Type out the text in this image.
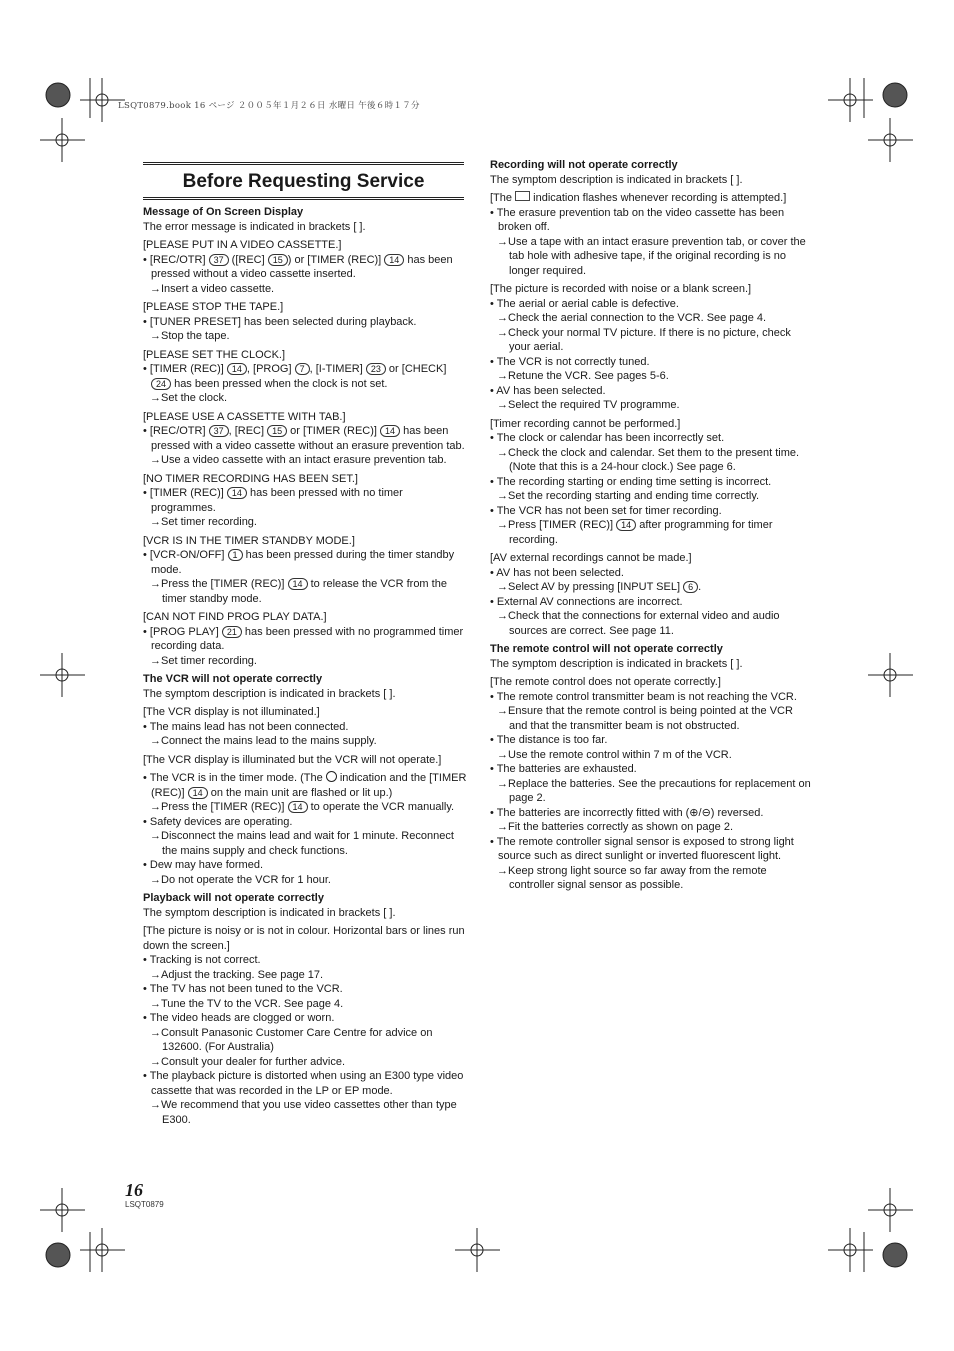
LSQT0879.book 16 ページ ２００５年１月２６日 水曜日 午後６時１７分
Before Requesting Service

Message of On Screen Display

The error message is indicated in brackets [ ].

[PLEASE PUT IN A VIDEO CASSETTE.]

• [REC/OTR] 37 ([REC] 15 ) or [TIMER (REC)] 14 has been pressed without a video cassette inserted.

→Insert a video cassette.

[PLEASE STOP THE TAPE.]

• [TUNER PRESET] has been selected during playback.

→Stop the tape.

[PLEASE SET THE CLOCK.]

• [TIMER (REC)] 14 , [PROG] 7 , [I-TIMER] 23 or [CHECK] 24 has been pressed when the clock is not set.

→Set the clock.

[PLEASE USE A CASSETTE WITH TAB.]

• [REC/OTR] 37 , [REC] 15 or [TIMER (REC)] 14 has been pressed with a video cassette without an erasure prevention tab.

→Use a video cassette with an intact erasure prevention tab.

[NO TIMER RECORDING HAS BEEN SET.]

• [TIMER (REC)] 14 has been pressed with no timer programmes.

→Set timer recording.

[VCR IS IN THE TIMER STANDBY MODE.]

• [VCR-ON/OFF] 1 has been pressed during the timer standby mode.

→Press the [TIMER (REC)] 14 to release the VCR from the timer standby mode.

[CAN NOT FIND PROG PLAY DATA.]

• [PROG PLAY] 21 has been pressed with no programmed timer recording data.

→Set timer recording.

The VCR will not operate correctly

The symptom description is indicated in brackets [ ].

[The VCR display is not illuminated.]

• The mains lead has not been connected.

→Connect the mains lead to the mains supply.

[The VCR display is illuminated but the VCR will not operate.]

• The VCR is in the timer mode. (The  indication and the [TIMER (REC)] 14 on the main unit are flashed or lit up.)

→Press the [TIMER (REC)] 14 to operate the VCR manually.

• Safety devices are operating.

→Disconnect the mains lead and wait for 1 minute. Reconnect the mains supply and check functions.

• Dew may have formed.

→Do not operate the VCR for 1 hour.

Playback will not operate correctly

The symptom description is indicated in brackets [ ].

[The picture is noisy or is not in colour. Horizontal bars or lines run down the screen.]

• Tracking is not correct.

→Adjust the tracking. See page 17.

• The TV has not been tuned to the VCR.

→Tune the TV to the VCR. See page 4.

• The video heads are clogged or worn.

→Consult Panasonic Customer Care Centre for advice on 132600. (For Australia)

→Consult your dealer for further advice.

• The playback picture is distorted when using an E300 type video cassette that was recorded in the LP or EP mode.

→We recommend that you use video cassettes other than type E300.

Recording will not operate correctly

The symptom description is indicated in brackets [ ].

[The  indication flashes whenever recording is attempted.]

• The erasure prevention tab on the video cassette has been broken off.

→Use a tape with an intact erasure prevention tab, or cover the tab hole with adhesive tape, if the original recording is no longer required.

[The picture is recorded with noise or a blank screen.]

• The aerial or aerial cable is defective.

→Check the aerial connection to the VCR. See page 4.

→Check your normal TV picture. If there is no picture, check your aerial.

• The VCR is not correctly tuned.

→Retune the VCR. See pages 5-6.

• AV has been selected.

→Select the required TV programme.

[Timer recording cannot be performed.]

• The clock or calendar has been incorrectly set.

→Check the clock and calendar. Set them to the present time. (Note that this is a 24-hour clock.) See page 6.

• The recording starting or ending time setting is incorrect.

→Set the recording starting and ending time correctly.

• The VCR has not been set for timer recording.

→Press [TIMER (REC)] 14 after programming for timer recording.

[AV external recordings cannot be made.]

• AV has not been selected.

→Select AV by pressing [INPUT SEL] 6 .

• External AV connections are incorrect.

→Check that the connections for external video and audio sources are correct. See page 11.

The remote control will not operate correctly

The symptom description is indicated in brackets [ ].

[The remote control does not operate correctly.]

• The remote control transmitter beam is not reaching the VCR.

→Ensure that the remote control is being pointed at the VCR and that the transmitter beam is not obstructed.

• The distance is too far.

→Use the remote control within 7 m of the VCR.

• The batteries are exhausted.

→Replace the batteries. See the precautions for replacement on page 2.

• The batteries are incorrectly fitted with (⊕/⊖) reversed.

→Fit the batteries correctly as shown on page 2.

• The remote controller signal sensor is exposed to strong light source such as direct sunlight or inverted fluorescent light.

→Keep strong light source so far away from the remote controller signal sensor as possible.

16
LSQT0879
